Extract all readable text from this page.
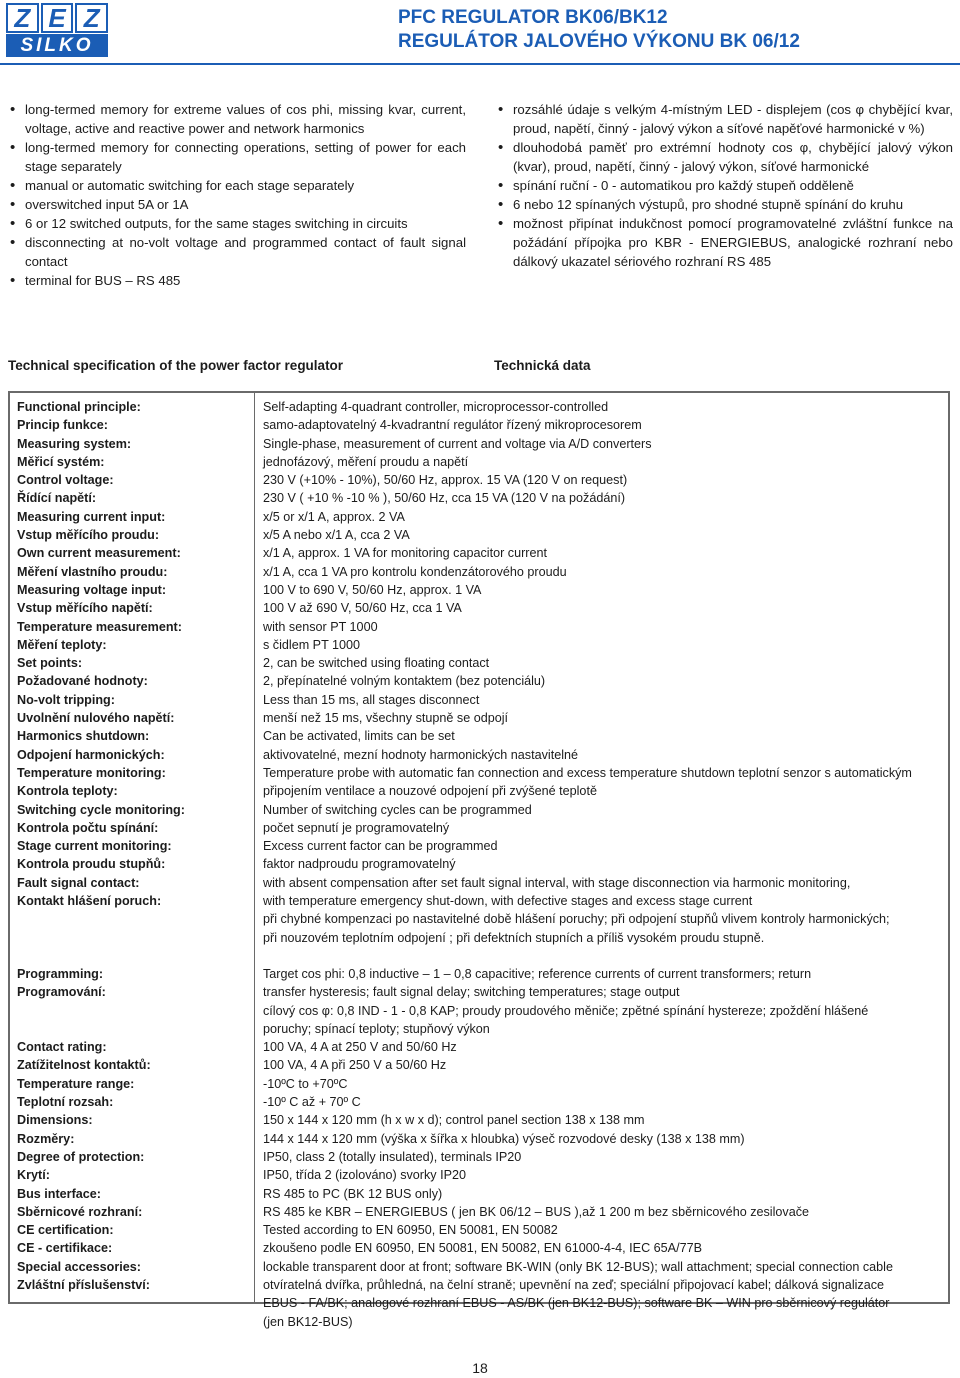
Z E Z
SILKO
PFC REGULATOR BK06/BK12
REGULÁTOR JALOVÉHO VÝKONU BK 06/12
• long-termed memory for extreme values of cos phi, missing kvar, current, voltage, active and reactive power and network harmonics
• long-termed memory for connecting operations, setting of power for each stage separately
• manual or automatic switching for each stage separately
• overswitched input 5A or 1A
• 6 or 12 switched outputs, for the same stages switching in circuits
• disconnecting at no-volt voltage and programmed contact of fault signal contact
• terminal for BUS – RS 485
• rozsáhlé údaje s velkým 4-místným LED - displejem (cos φ chybějící kvar, proud, napětí, činný - jalový výkon a síťové napěťové harmonické v %)
• dlouhodobá paměť pro extrémní hodnoty cos φ, chybějící jalový výkon (kvar), proud, napětí, činný - jalový výkon, síťové harmonické
• spínání ruční - 0 - automatikou pro každý stupeň odděleně
• 6 nebo 12 spínaných výstupů, pro shodné stupně spínání do kruhu
• možnost připínat indukčnost pomocí programovatelné zvláštní funkce na požádání přípojka pro KBR - ENERGIEBUS, analogické rozhraní nebo dálkový ukazatel sériového rozhraní RS 485
Technical specification of the power factor regulator	Technická data
Functional principle:
Princip funkce:
Self-adapting 4-quadrant controller, microprocessor-controlled
samo-adaptovatelný 4-kvadrantní regulátor řízený mikroprocesorem
Measuring system:
Měřicí systém:
Single-phase, measurement of current and voltage via A/D converters
jednofázový, měření proudu a napětí
Control voltage:
Řídící napětí:
230 V (+10% - 10%), 50/60 Hz, approx. 15 VA (120 V on request)
230 V ( +10 % -10 % ), 50/60 Hz, cca 15 VA (120 V na požádání)
Measuring current input:
Vstup měřícího proudu:
x/5 or x/1 A, approx. 2 VA
x/5 A nebo x/1 A, cca 2 VA
Own current measurement:
Měření vlastního proudu:
x/1 A, approx. 1 VA for monitoring capacitor current
x/1 A, cca 1 VA pro kontrolu kondenzátorového proudu
Measuring voltage input:
Vstup měřícího napětí:
100 V to 690 V, 50/60 Hz, approx. 1 VA
100 V až 690 V, 50/60 Hz, cca 1 VA
Temperature measurement:
Měření teploty:
with sensor PT 1000
s čidlem PT 1000
Set points:
Požadované hodnoty:
2, can be switched using floating contact
2, přepínatelné volným kontaktem (bez potenciálu)
No-volt tripping:
Uvolnění nulového napětí:
Less than 15 ms, all stages disconnect
menší než 15 ms, všechny stupně se odpojí
Harmonics shutdown:
Odpojení harmonických:
Can be activated, limits can be set
aktivovatelné, mezní hodnoty harmonických nastavitelné
Temperature monitoring:
Kontrola teploty:
Temperature probe with automatic fan connection and excess temperature shutdown teplotní senzor s automatickým
připojením ventilace a nouzové odpojení při zvýšené teplotě
Switching cycle monitoring:
Kontrola počtu spínání:
Number of switching cycles can be programmed
počet sepnutí je programovatelný
Stage current monitoring:
Kontrola proudu stupňů:
Excess current factor can be programmed
faktor nadproudu programovatelný
Fault signal contact:
Kontakt hlášení poruch:
with absent compensation after set fault signal interval, with stage disconnection via harmonic monitoring,
with temperature emergency shut-down, with defective stages and excess stage current
při chybné kompenzaci po nastavitelné době hlášení poruchy; při odpojení stupňů vlivem kontroly harmonických;
při nouzovém teplotním odpojení ; při defektních stupních a příliš vysokém proudu stupně.
Programming:
Programování:
Target cos phi: 0,8 inductive – 1 – 0,8 capacitive; reference currents of current transformers; return
transfer hysteresis; fault signal delay; switching temperatures; stage output
cílový cos φ: 0,8 IND - 1 - 0,8 KAP; proudy proudového měniče; zpětné spínání hystereze; zpoždění hlášené
poruchy; spínací teploty; stupňový výkon
Contact rating:
Zatížitelnost kontaktů:
100 VA, 4 A at 250 V and 50/60 Hz
100 VA, 4 A při 250 V a 50/60 Hz
Temperature range:
Teplotní rozsah:
-10ºC to +70ºC
-10º C až + 70º C
Dimensions:
Rozměry:
150 x 144 x 120 mm (h x w x d); control panel section 138 x 138 mm
144 x 144 x 120 mm (výška x šířka x hloubka) výseč rozvodové desky (138 x 138 mm)
Degree of protection:
Krytí:
IP50, class 2 (totally insulated), terminals IP20
IP50, třída 2 (izolováno) svorky IP20
Bus interface:
Sběrnicové rozhraní:
RS 485 to PC (BK 12 BUS only)
RS 485 ke KBR – ENERGIEBUS ( jen BK 06/12 – BUS ),až 1 200 m bez sběrnicového zesilovače
CE certification:
CE - certifikace:
Tested according to EN 60950, EN 50081, EN 50082
zkoušeno podle EN 60950, EN 50081, EN 50082, EN 61000-4-4, IEC 65A/77B
Special accessories:
Zvláštní příslušenství:
lockable transparent door at front; software BK-WIN (only BK 12-BUS); wall attachment; special connection cable
otvíratelná dvířka, průhledná, na čelní straně; upevnění na zeď; speciální připojovací kabel; dálková signalizace
EBUS - FA/BK; analogové rozhraní EBUS - AS/BK (jen BK12-BUS); software BK – WIN pro sběrnicový regulátor
(jen BK12-BUS)
18
